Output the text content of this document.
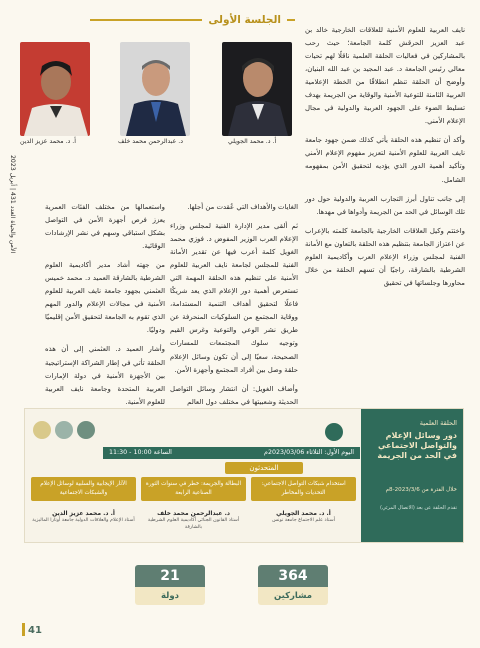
الجلسة الأولى
الأمن والحياة العدد 431 | أبريل 2023
أ. د. محمد الجويلي
د. عبدالرحمن محمد خلف
أ. د. محمد عزيز الدين

نايف العربية للعلوم الأمنية للعلاقات الخارجية خالد بن عبد العزيز الحرقش كلمة الجامعة؛ حيث رحب بالمشاركين في فعاليات الحلقة العلمية ناقلًا لهم تحيات معالي رئيس الجامعة د. عبد المجيد بن عبد الله البنيان، وأوضح أن الحلقة تنظم انطلاقًا من الخطة الإعلامية العربية الثامنة للتوعية الأمنية والوقاية من الجريمة بهدف تسليط الضوء على الجهود العربية والدولية في مجال الإعلام الأمني.

وأكد أن تنظيم هذه الحلقة يأتي كذلك ضمن جهود جامعة نايف العربية للعلوم الأمنية لتعزيز مفهوم الإعلام الأمني وتأكيد أهمية الدور الذي يؤديه لتحقيق الأمن بمفهومه الشامل.

إلى جانب تناول أبرز التجارب العربية والدولية حول دور تلك الوسائل في الحد من الجريمة وأدواها في مهدها.

واختتم وكيل العلاقات الخارجية بالجامعة كلمته بالإعراب عن اعتزاز الجامعة بتنظيم هذه الحلقة بالتعاون مع الأمانة الفنية لمجلس وزراء الإعلام العرب وأكاديمية العلوم الشرطية بالشارقة، راجيًا أن تسهم الحلقة من خلال محاورها وجلساتها في تحقيق

الغايات والأهداف التي عُقدت من أجلها.

ثم ألقى مدير الإدارة الفنية لمجلس وزراء الإعلام العرب الوزير المفوض د. فوزي محمد الغويل كلمة أعرب فيها عن تقدير الأمانة الفنية للمجلس لجامعة نايف العربية للعلوم الأمنية على تنظيم هذه الحلقة المهمة التي تستعرض أهمية دور الإعلام الذي يعد شريكًا فاعلًا لتحقيق أهداف التنمية المستدامة، ووقاية المجتمع من السلوكيات المنحرفة عن طريق نشر الوعي والتوعية وغرس القيم وتوجيه سلوك المجتمعات للمسارات الصحيحة، سعيًا إلى أن تكون وسائل الإعلام حلقة وصل بين أفراد المجتمع وأجهزة الأمن.

وأضاف الغويل: أن انتشار وسائل التواصل الحديثة وشعبيتها في مختلف دول العالم

واستعمالها من مختلف الفئات العمرية يعزز فرص أجهزة الأمن في التواصل بشكل استباقي وسهم في نشر الإرشادات الوقائية.

من جهته أشاد مدير أكاديمية العلوم الشرطية بالشارقة العميد د. محمد خميس العثمني بجهود جامعة نايف العربية للعلوم الأمنية في مجالات الإعلام والدور المهم الذي تقوم به الجامعة لتحقيق الأمن إقليميًا ودوليًا.

وأشار العميد د. العثمني إلى أن هذه الحلقة تأتي في إطار الشراكة الإستراتيجية بين الأجهزة الأمنية في دولة الإمارات العربية المتحدة وجامعة نايف العربية للعلوم الأمنية.

الساعة 10:00 - 11:30	اليوم الأول: الثلاثاء 2023/03/06م
المتحدثون
استخدام شبكات التواصل الاجتماعي: التحديات والمخاطر
البطالة والجريمة: خطر في سنوات الثورة الصناعية الرابعة
الآثار الإيجابية والسلبية لوسائل الإعلام والشبكات الاجتماعية
أ. د. محمد الجويلي
أستاذ علم الاجتماع جامعة تونس
د. عبدالرحمن محمد خلف
أستاذ القانون الجنائي أكاديمية العلوم الشرطية بالشارقة
أ. د. محمد عزيز الدين
أستاذ الإعلام والعلاقات الدولية جامعة أوتارا الماليزية
الحلقة العلمية
دور وسائل الإعلام والتواصل الاجتماعي في الحد من الجريمة
خلال الفترة من 2023/3/6-8م
تقدم الحلقة عن بعد (الاتصال المرئي)
364
مشاركين
21
دولة
41
